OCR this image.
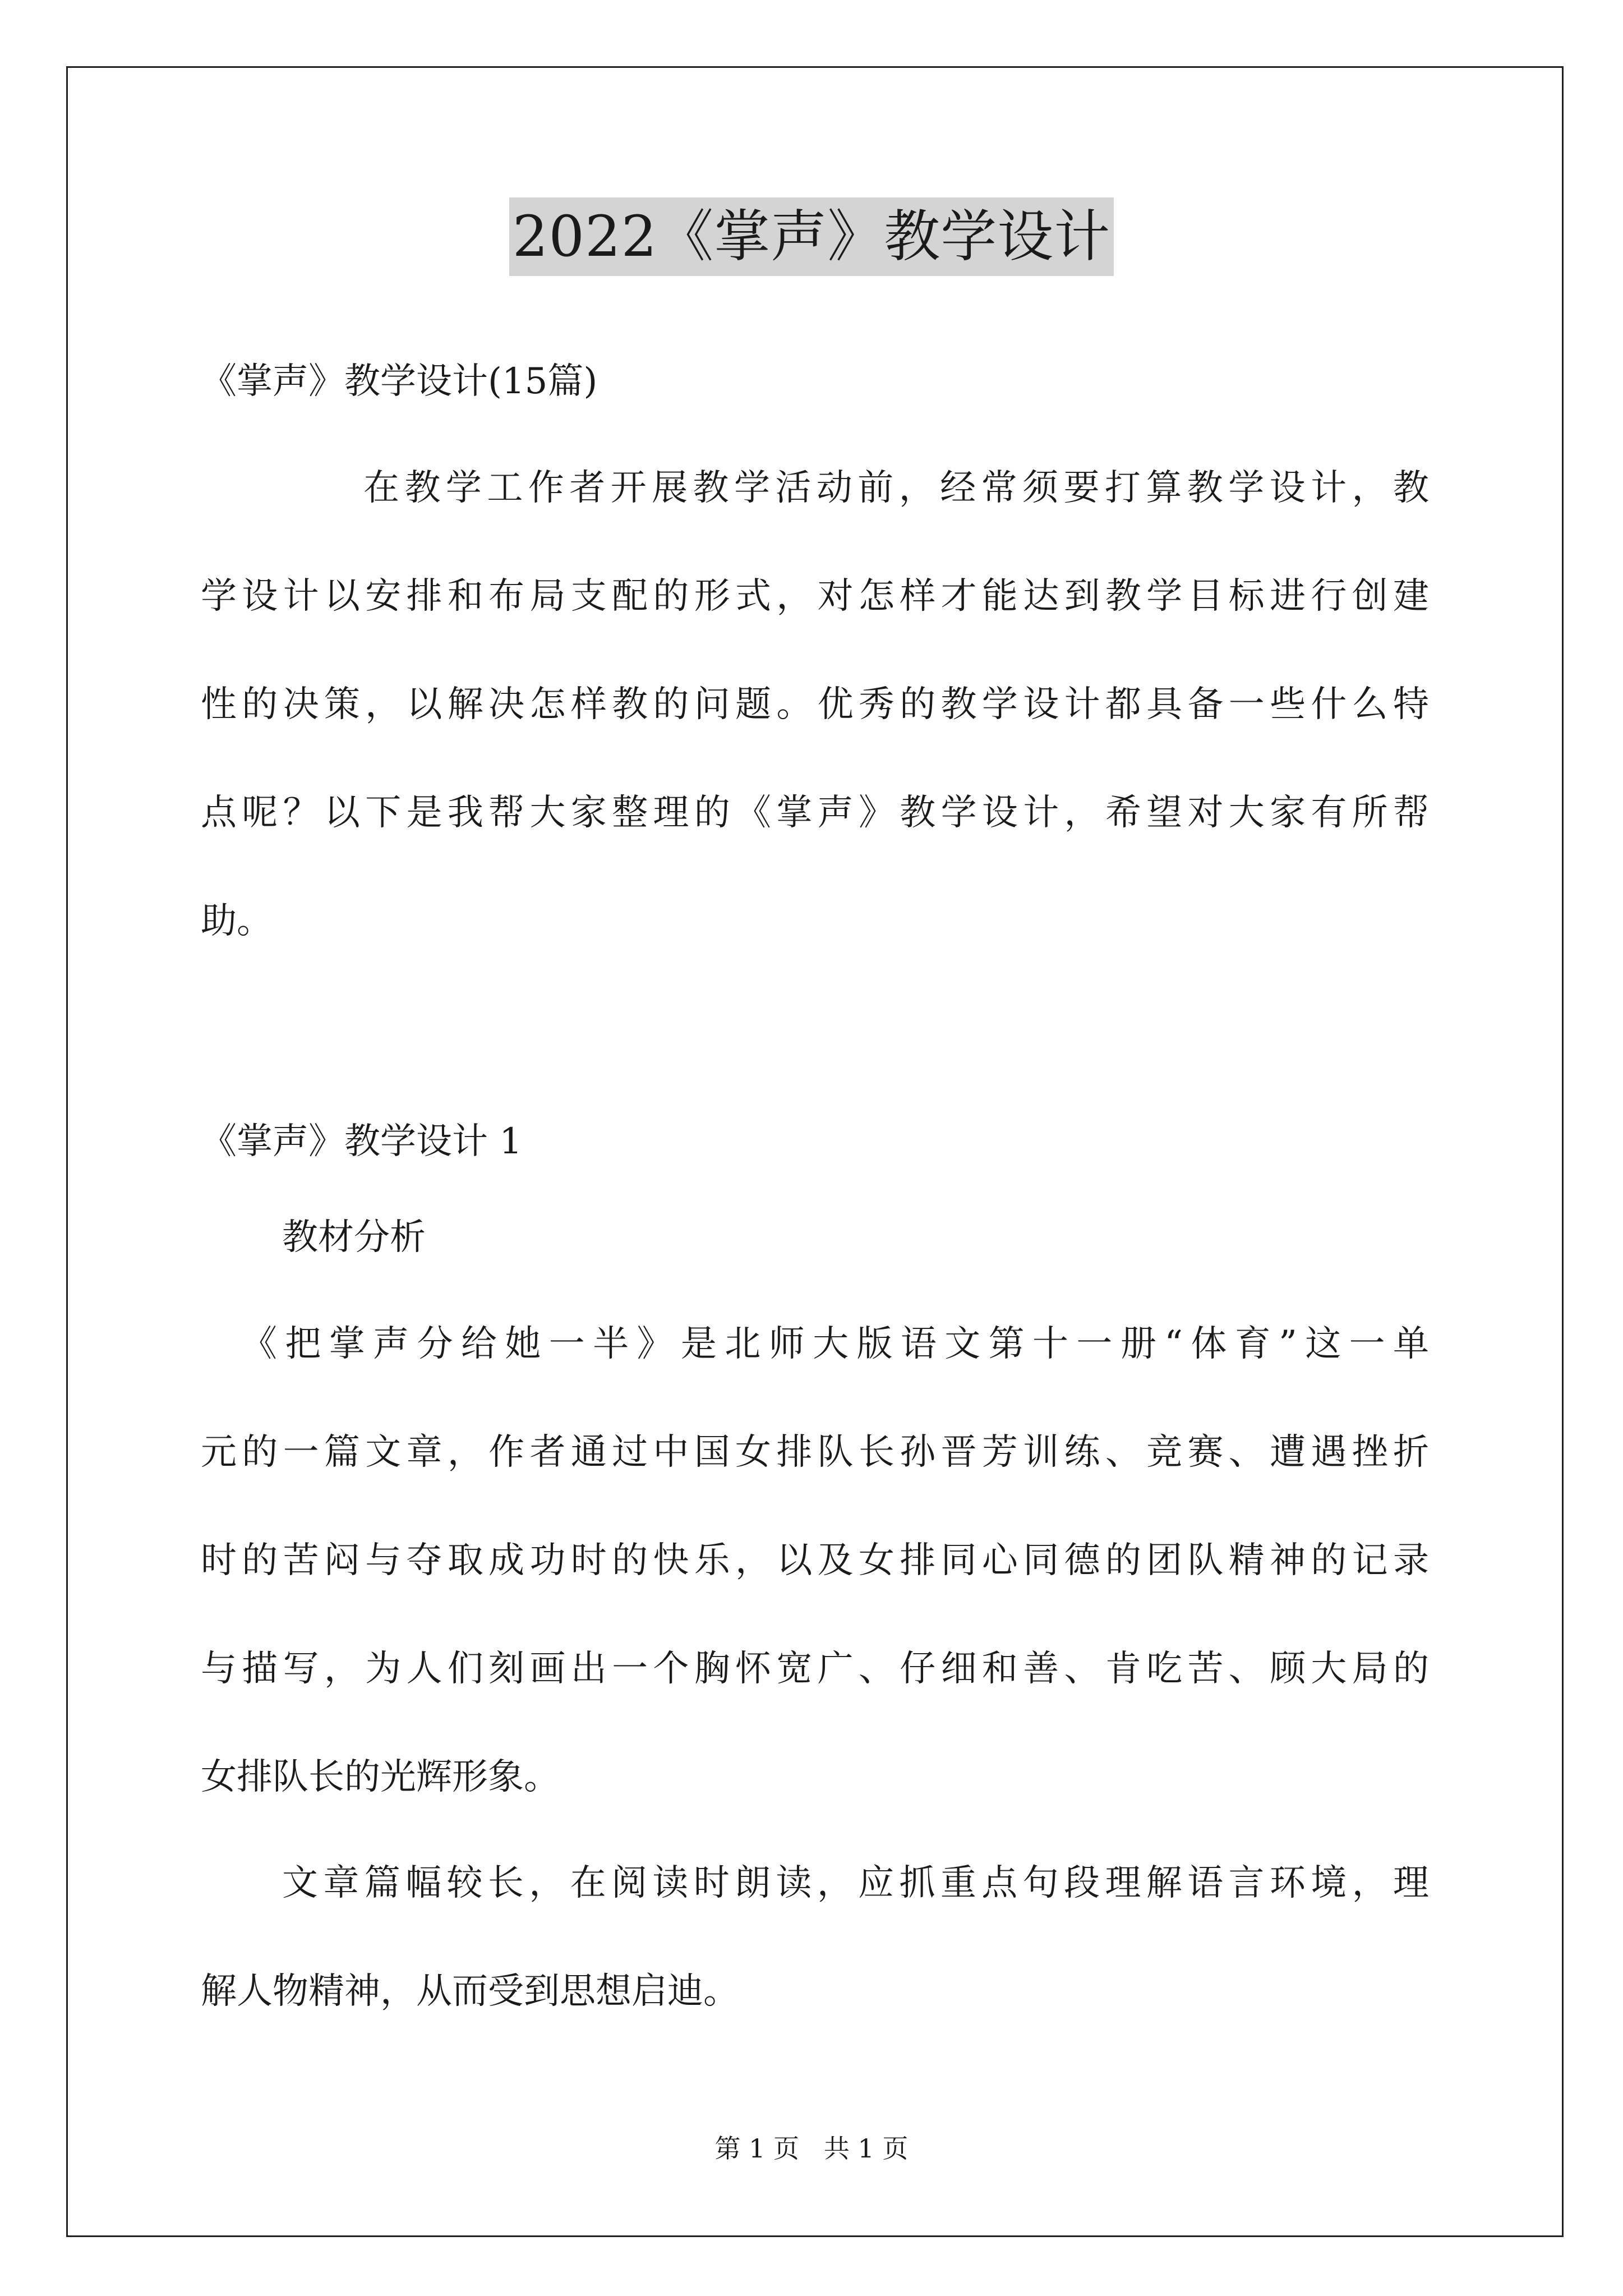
2022《掌声》教学设计
《掌声》教学设计(15篇)
在教学工作者开展教学活动前，经常须要打算教学设计，教
学设计以安排和布局支配的形式，对怎样才能达到教学目标进行创建
性的决策，以解决怎样教的问题。优秀的教学设计都具备一些什么特
点呢？以下是我帮大家整理的《掌声》教学设计，希望对大家有所帮
助。
《掌声》教学设计 1
教材分析
《把掌声分给她一半》是北师大版语文第十一册“体育”这一单
元的一篇文章，作者通过中国女排队长孙晋芳训练、竞赛、遭遇挫折
时的苦闷与夺取成功时的快乐，以及女排同心同德的团队精神的记录
与描写，为人们刻画出一个胸怀宽广、仔细和善、肯吃苦、顾大局的
女排队长的光辉形象。
文章篇幅较长，在阅读时朗读，应抓重点句段理解语言环境，理
解人物精神，从而受到思想启迪。
第 1 页   共 1 页
